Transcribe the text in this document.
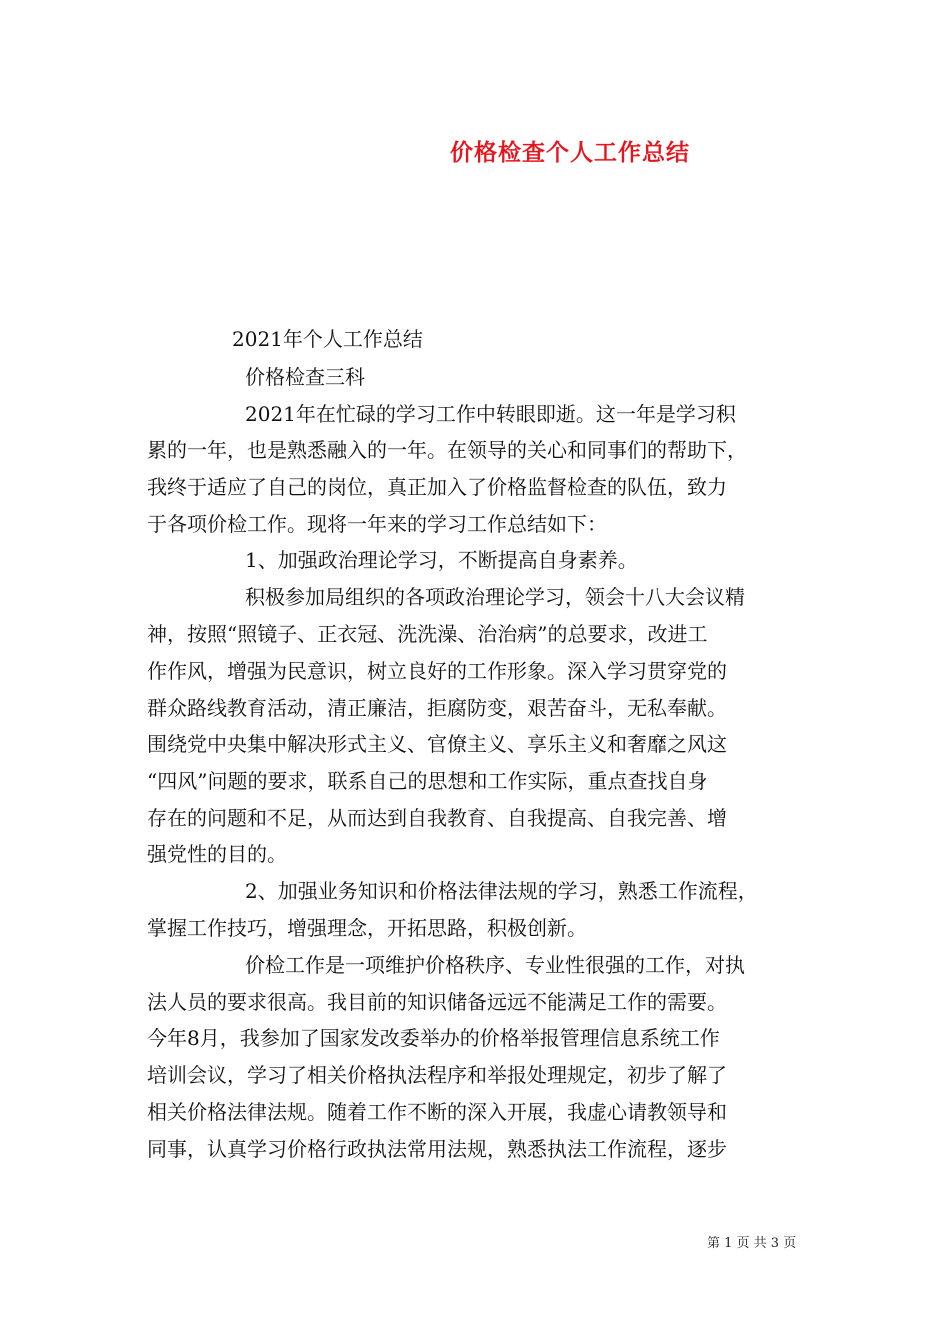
价格检查个人工作总结
2021年个人工作总结
价格检查三科
2021年在忙碌的学习工作中转眼即逝。这一年是学习积
累的一年，也是熟悉融入的一年。在领导的关心和同事们的帮助下，
我终于适应了自己的岗位，真正加入了价格监督检查的队伍，致力
于各项价检工作。现将一年来的学习工作总结如下：
1、加强政治理论学习，不断提高自身素养。
积极参加局组织的各项政治理论学习，领会十八大会议精
神，按照“照镜子、正衣冠、洗洗澡、治治病”的总要求，改进工
作作风，增强为民意识，树立良好的工作形象。深入学习贯穿党的
群众路线教育活动，清正廉洁，拒腐防变，艰苦奋斗，无私奉献。
围绕党中央集中解决形式主义、官僚主义、享乐主义和奢靡之风这
“四风”问题的要求，联系自己的思想和工作实际，重点查找自身
存在的问题和不足，从而达到自我教育、自我提高、自我完善、增
强党性的目的。
2、加强业务知识和价格法律法规的学习，熟悉工作流程，
掌握工作技巧，增强理念，开拓思路，积极创新。
价检工作是一项维护价格秩序、专业性很强的工作，对执
法人员的要求很高。我目前的知识储备远远不能满足工作的需要。
今年8月，我参加了国家发改委举办的价格举报管理信息系统工作
培训会议，学习了相关价格执法程序和举报处理规定，初步了解了
相关价格法律法规。随着工作不断的深入开展，我虚心请教领导和
同事，认真学习价格行政执法常用法规，熟悉执法工作流程，逐步
第 1 页 共 3 页
